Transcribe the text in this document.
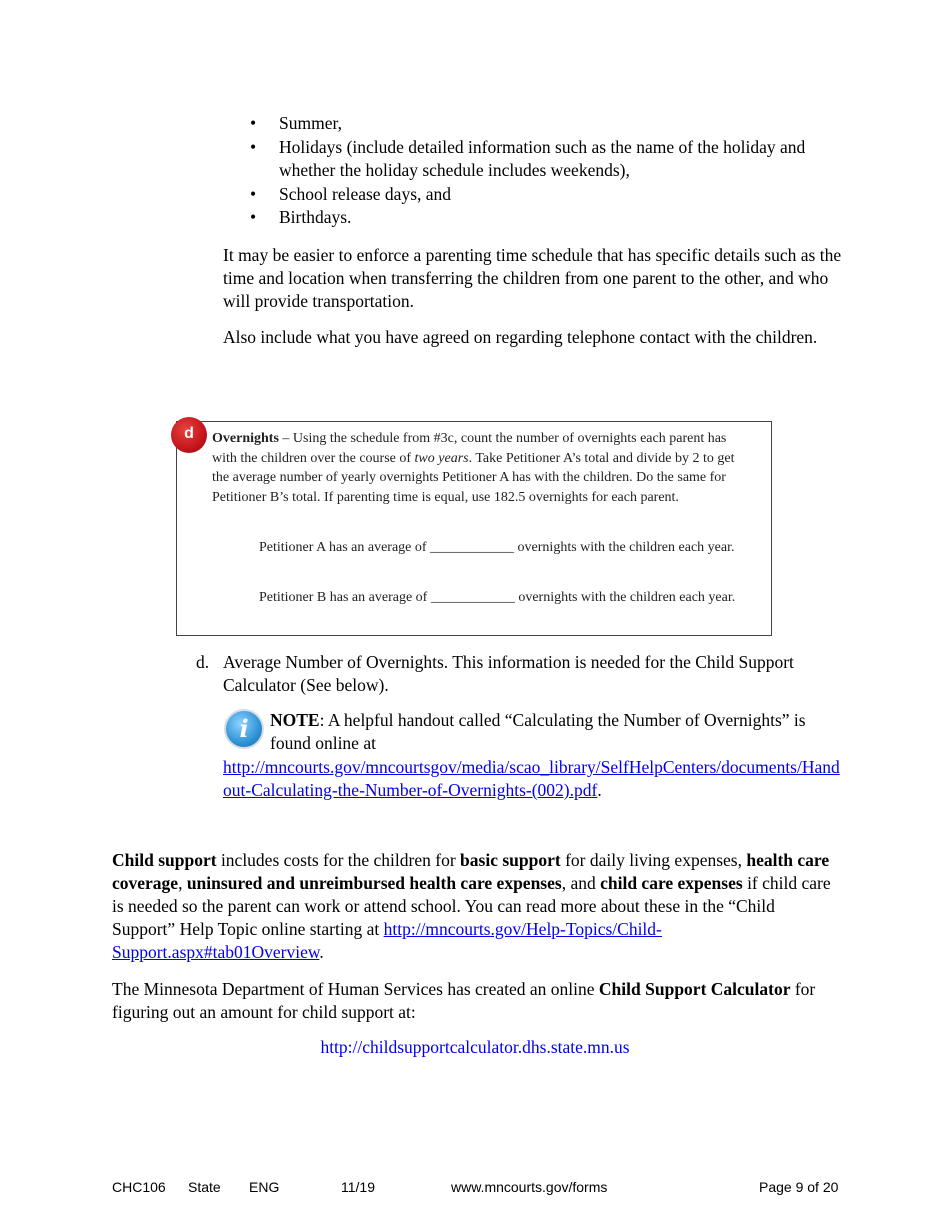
• Summer,
• Holidays (include detailed information such as the name of the holiday and whether the holiday schedule includes weekends),
• School release days, and
• Birthdays.

It may be easier to enforce a parenting time schedule that has specific details such as the time and location when transferring the children from one parent to the other, and who will provide transportation.

Also include what you have agreed on regarding telephone contact with the children.

d	Overnights – Using the schedule from #3c, count the number of overnights each parent has with the children over the course of two years. Take Petitioner A’s total and divide by 2 to get the average number of yearly overnights Petitioner A has with the children. Do the same for Petitioner B’s total. If parenting time is equal, use 182.5 overnights for each parent.

Petitioner A has an average of ____________ overnights with the children each year.

Petitioner B has an average of ____________ overnights with the children each year.

d. Average Number of Overnights. This information is needed for the Child Support Calculator (See below).
i	NOTE: A helpful handout called “Calculating the Number of Overnights” is found online at

http://mncourts.gov/mncourtsgov/media/scao_library/SelfHelpCenters/documents/Handout-Calculating-the-Number-of-Overnights-(002).pdf.

Child support includes costs for the children for basic support for daily living expenses, health care coverage, uninsured and unreimbursed health care expenses, and child care expenses if child care is needed so the parent can work or attend school. You can read more about these in the “Child Support” Help Topic online starting at http://mncourts.gov/Help-Topics/Child-Support.aspx#tab01Overview.

The Minnesota Department of Human Services has created an online Child Support Calculator for figuring out an amount for child support at:

http://childsupportcalculator.dhs.state.mn.us
CHC106 State ENG	11/19	www.mncourts.gov/forms	Page 9 of 20
